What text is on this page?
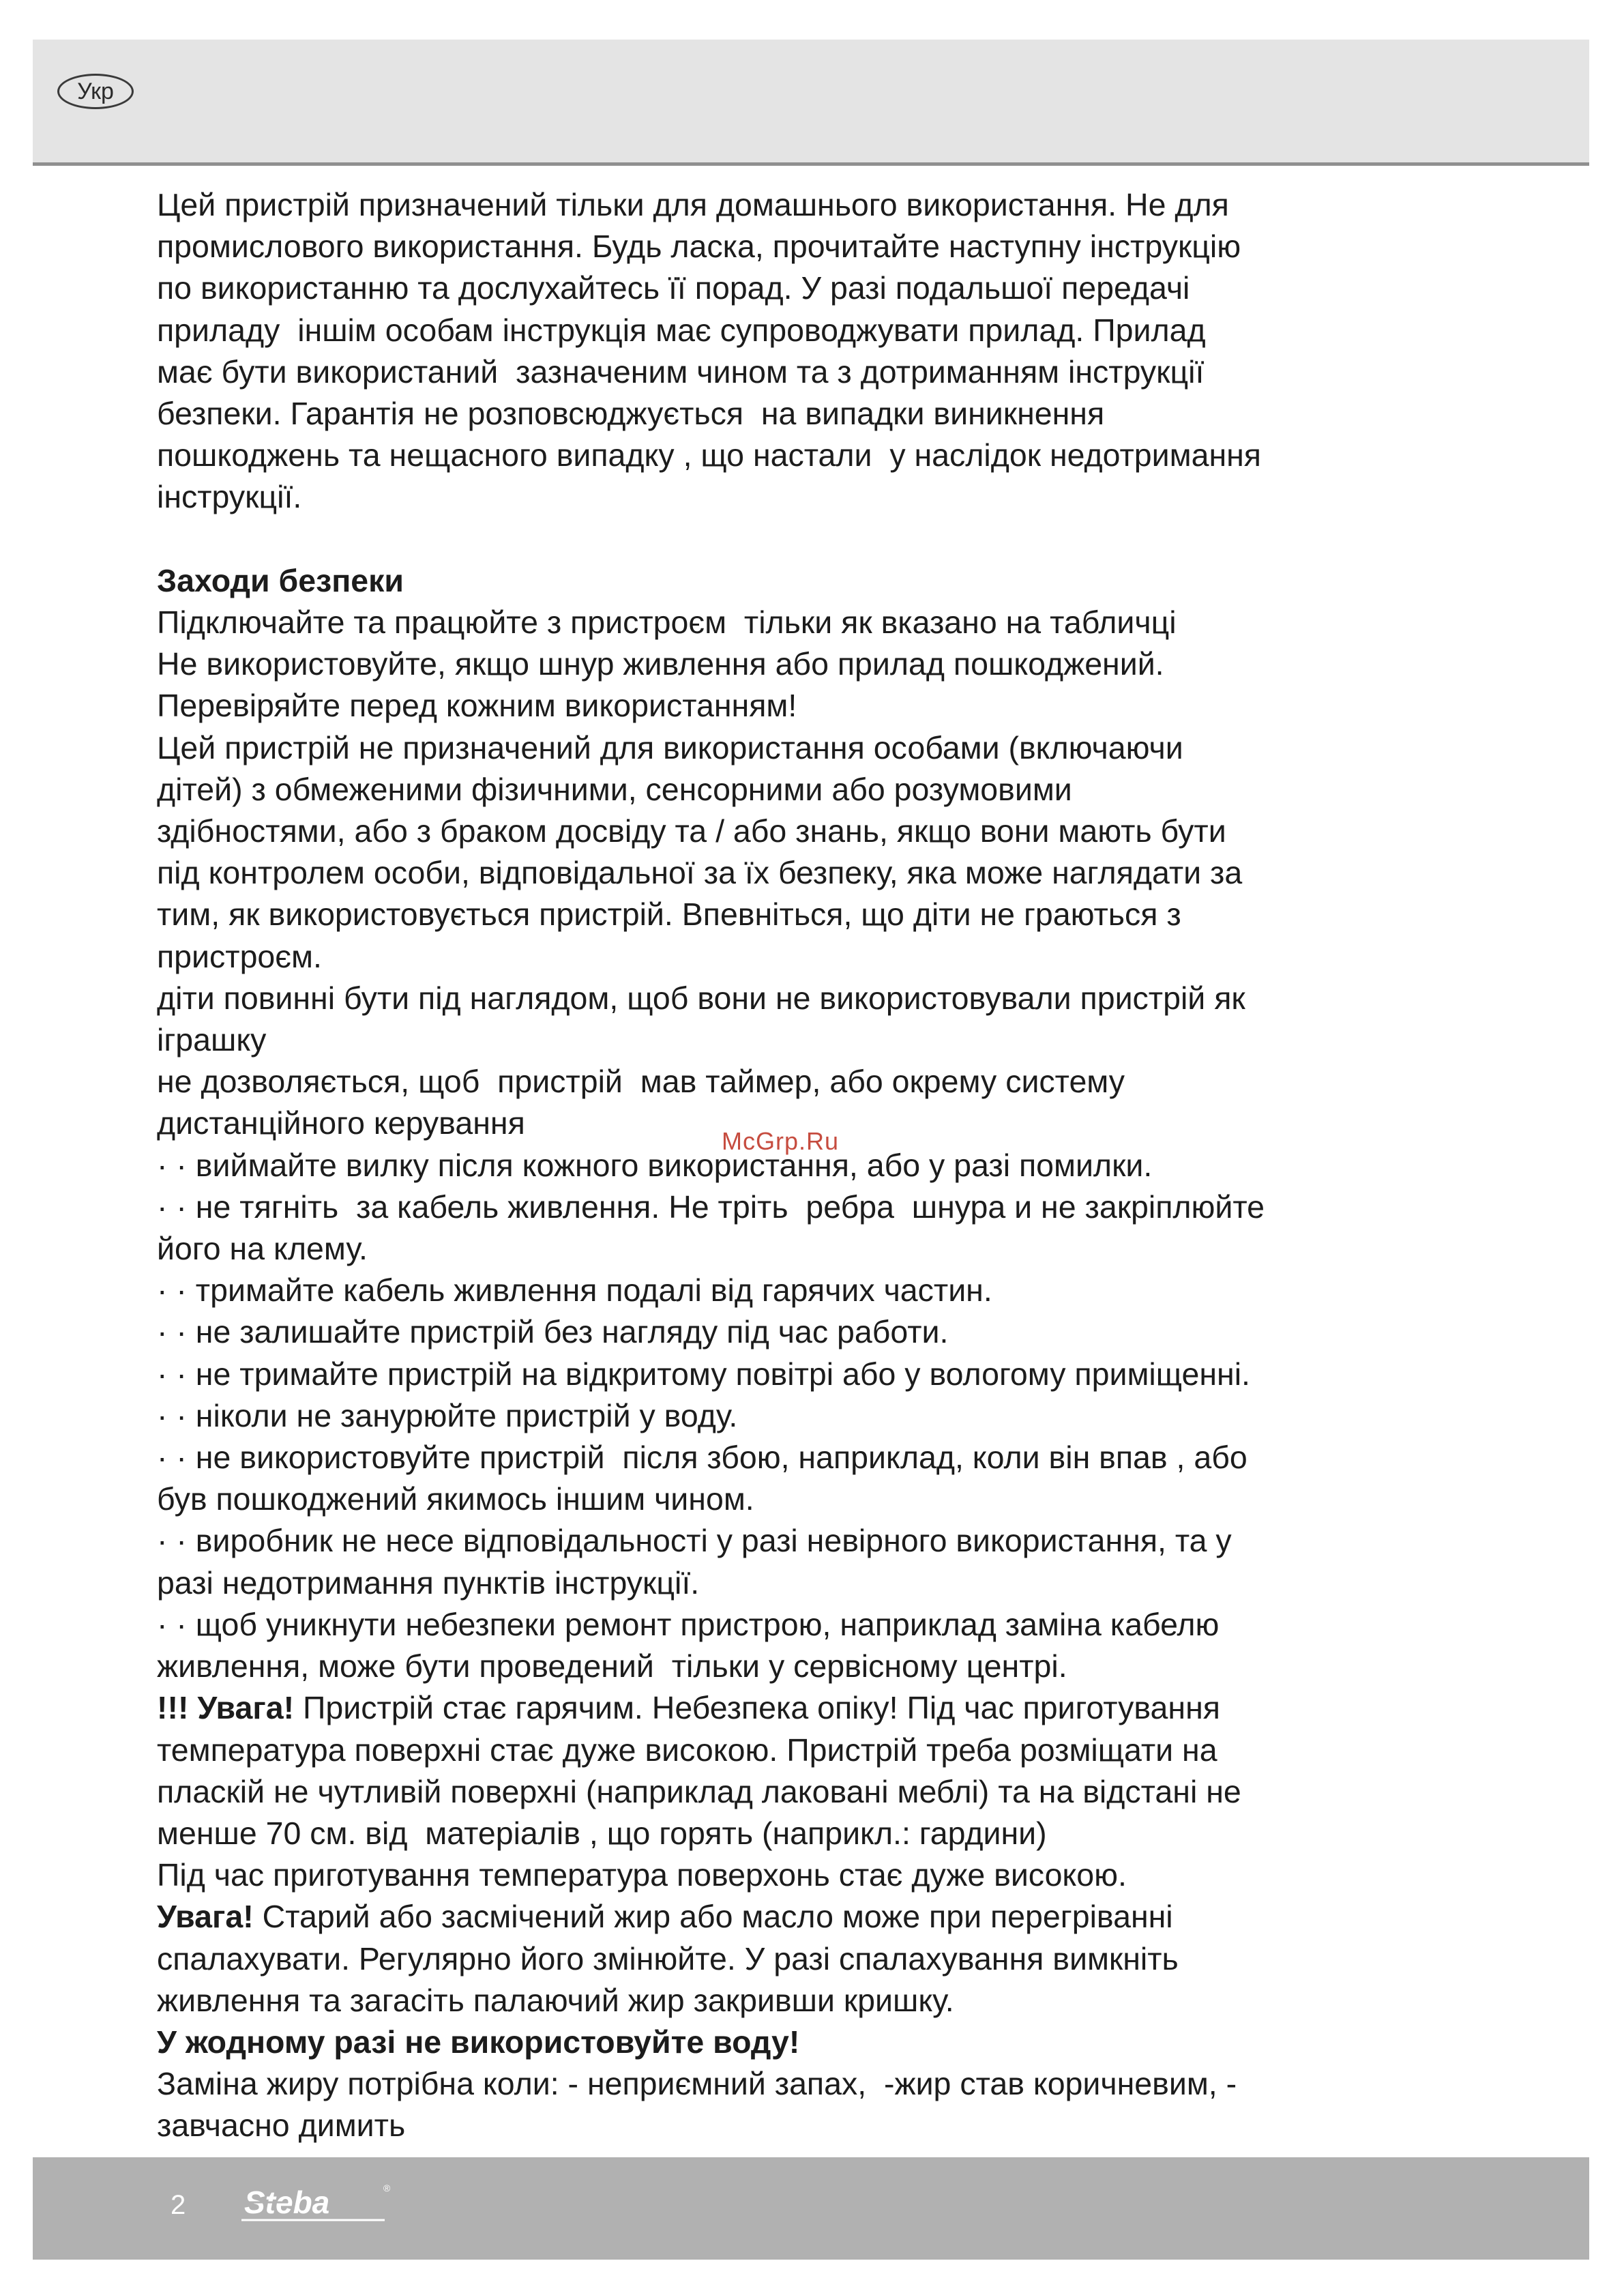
Укр

Цей пристрій призначений тільки для домашнього використання. Не для

промислового використання. Будь ласка, прочитайте наступну інструкцію

по використанню та дослухайтесь її порад. У разі подальшої передачі

приладу  іншім особам інструкція має супроводжувати прилад. Прилад

має бути використаний  зазначеним чином та з дотриманням інструкції

безпеки. Гарантія не розповсюджується  на випадки виникнення

пошкоджень та нещасного випадку , що настали  у наслідок недотримання

інструкції.

Заходи безпеки

Підключайте та працюйте з пристроєм  тільки як вказано на табличці

Не використовуйте, якщо шнур живлення або прилад пошкоджений.

Перевіряйте перед кожним використанням!

Цей пристрій не призначений для використання особами (включаючи

дітей) з обмеженими фізичними, сенсорними або розумовими

здібностями, або з браком досвіду та / або знань, якщо вони мають бути

під контролем особи, відповідальної за їх безпеку, яка може наглядати за

тим, як використовується пристрій. Впевніться, що діти не граються з

пристроєм.

діти повинні бути під наглядом, щоб вони не використовували пристрій як

іграшку

не дозволяється, щоб  пристрій  мав таймер, або окрему систему

дистанційного керування

· · виймайте вилку після кожного використання, або у разі помилки.

· · не тягніть  за кабель живлення. Не тріть  ребра  шнура и не закріплюйте

його на клему.

· · тримайте кабель живлення подалі від гарячих частин.

· · не залишайте пристрій без нагляду під час работи.

· · не тримайте пристрій на відкритому повітрі або у вологому приміщенні.

· · ніколи не занурюйте пристрій у воду.

· · не використовуйте пристрій  після збою, наприклад, коли він впав , або

був пошкоджений якимось іншим чином.

· · виробник не несе відповідальності у разі невірного використання, та у

разі недотримання пунктів інструкції.

· · щоб уникнути небезпеки ремонт пристрою, наприклад заміна кабелю

живлення, може бути проведений  тільки у сервісному центрі.

!!! Увага! Пристрій стає гарячим. Небезпека опіку! Під час приготування

температура поверхні стає дуже високою. Пристрій треба розміщати на

пласкій не чутливій поверхні (наприклад лаковані меблі) та на відстані не

менше 70 см. від  матеріалів , що горять (наприкл.: гардини)

Під час приготування температура поверхонь стає дуже високою.

Увага! Старий або засмічений жир або масло може при перегріванні

спалахувати. Регулярно його змінюйте. У разі спалахування вимкніть

живлення та загасіть палаючий жир закривши кришку.

У жодному разі не використовуйте воду!

Заміна жиру потрібна коли: - неприємний запах,  -жир став коричневим, -

завчасно димить

McGrp.Ru
2 Steba	®
